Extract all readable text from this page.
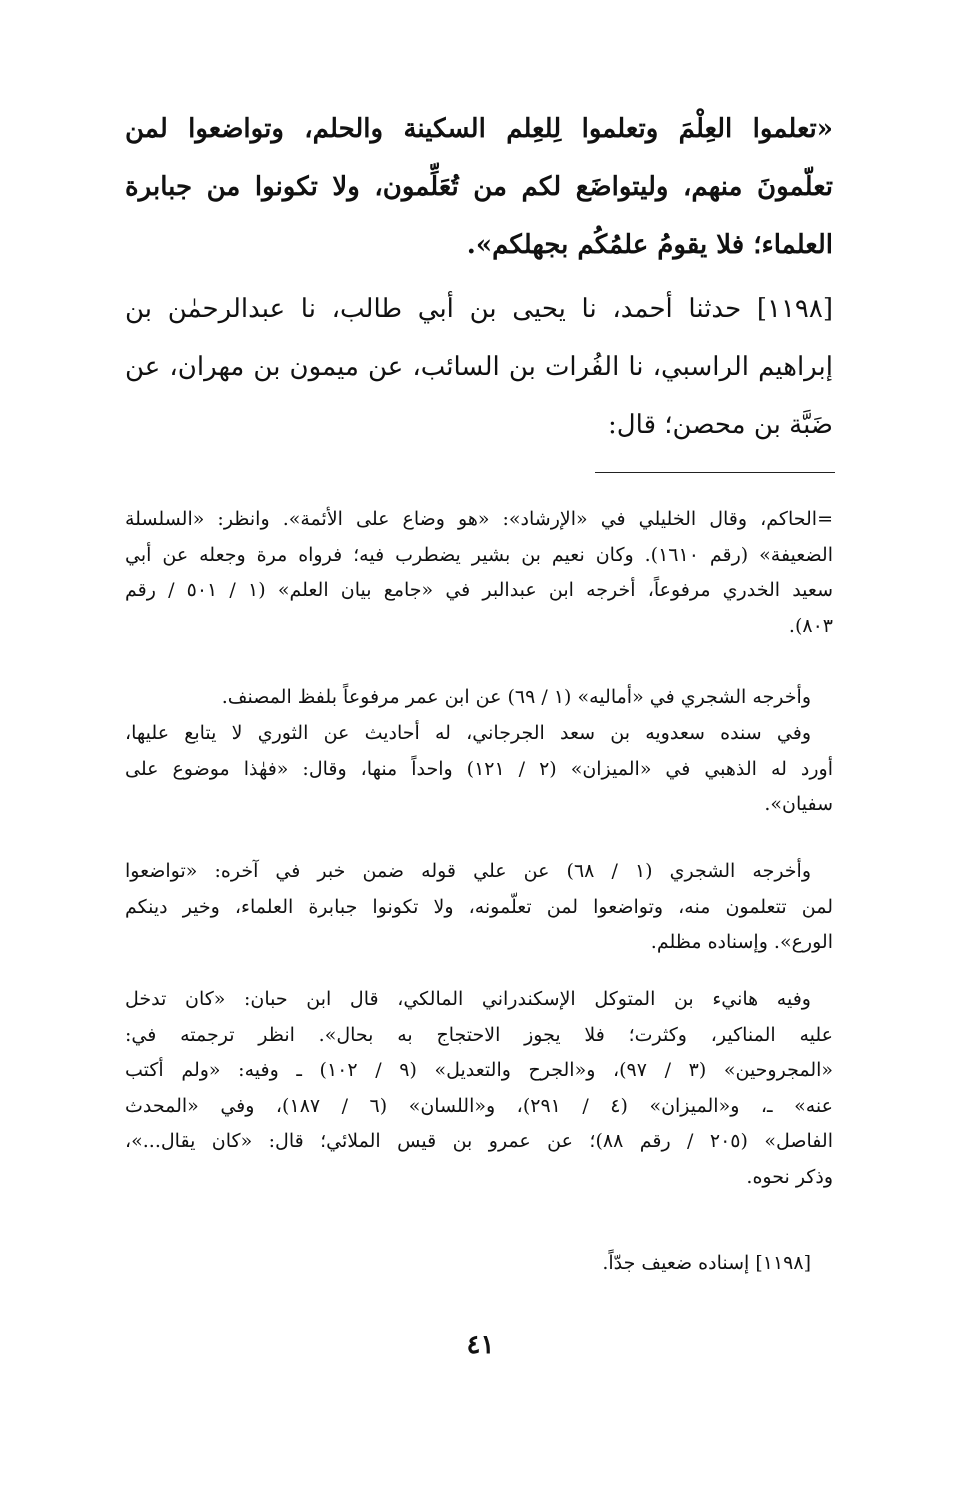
«تعلموا العِلْمَ وتعلموا لِلعِلم السكينة والحلم، وتواضعوا لمن
تعلّمونَ منهم، وليتواضَع لكم من تُعَلِّمون، ولا تكونوا من جبابرة
العلماء؛ فلا يقومُ علمُكُم بجهلكم».
[١١٩٨] حدثنا أحمد، نا يحيى بن أبي طالب، نا عبدالرحمٰن بن
إبراهيم الراسبي، نا الفُرات بن السائب، عن ميمون بن مهران، عن
ضَبَّة بن محصن؛ قال:
=الحاكم، وقال الخليلي في «الإرشاد»: «هو وضاع على الأئمة». وانظر: «السلسلة
الضعيفة» (رقم ١٦١٠). وكان نعيم بن بشير يضطرب فيه؛ فرواه مرة وجعله عن أبي
سعيد الخدري مرفوعاً، أخرجه ابن عبدالبر في «جامع بيان العلم» (١ / ٥٠١ / رقم
٨٠٣).
وأخرجه الشجري في «أماليه» (١ / ٦٩) عن ابن عمر مرفوعاً بلفظ المصنف.
وفي سنده سعدويه بن سعد الجرجاني، له أحاديث عن الثوري لا يتابع عليها،
أورد له الذهبي في «الميزان» (٢ / ١٢١) واحداً منها، وقال: «فهٰذا موضوع على
سفيان».
وأخرجه الشجري (١ / ٦٨) عن علي قوله ضمن خبر في آخره: «تواضعوا
لمن تتعلمون منه، وتواضعوا لمن تعلّمونه، ولا تكونوا جبابرة العلماء، وخير دينكم
الورع». وإسناده مظلم.
وفيه هانيء بن المتوكل الإسكندراني المالكي، قال ابن حبان: «كان تدخل
عليه المناكير، وكثرت؛ فلا يجوز الاحتجاج به بحال». انظر ترجمته في:
«المجروحين» (٣ / ٩٧)، و«الجرح والتعديل» (٩ / ١٠٢) ـ وفيه: «ولم أكتب
عنه» ـ، و«الميزان» (٤ / ٢٩١)، و«اللسان» (٦ / ١٨٧)، وفي «المحدث
الفاصل» (٢٠٥ / رقم ٨٨)؛ عن عمرو بن قيس الملائي؛ قال: «كان يقال...»،
وذكر نحوه.
[١١٩٨] إسناده ضعيف جدّاً.
٤١
